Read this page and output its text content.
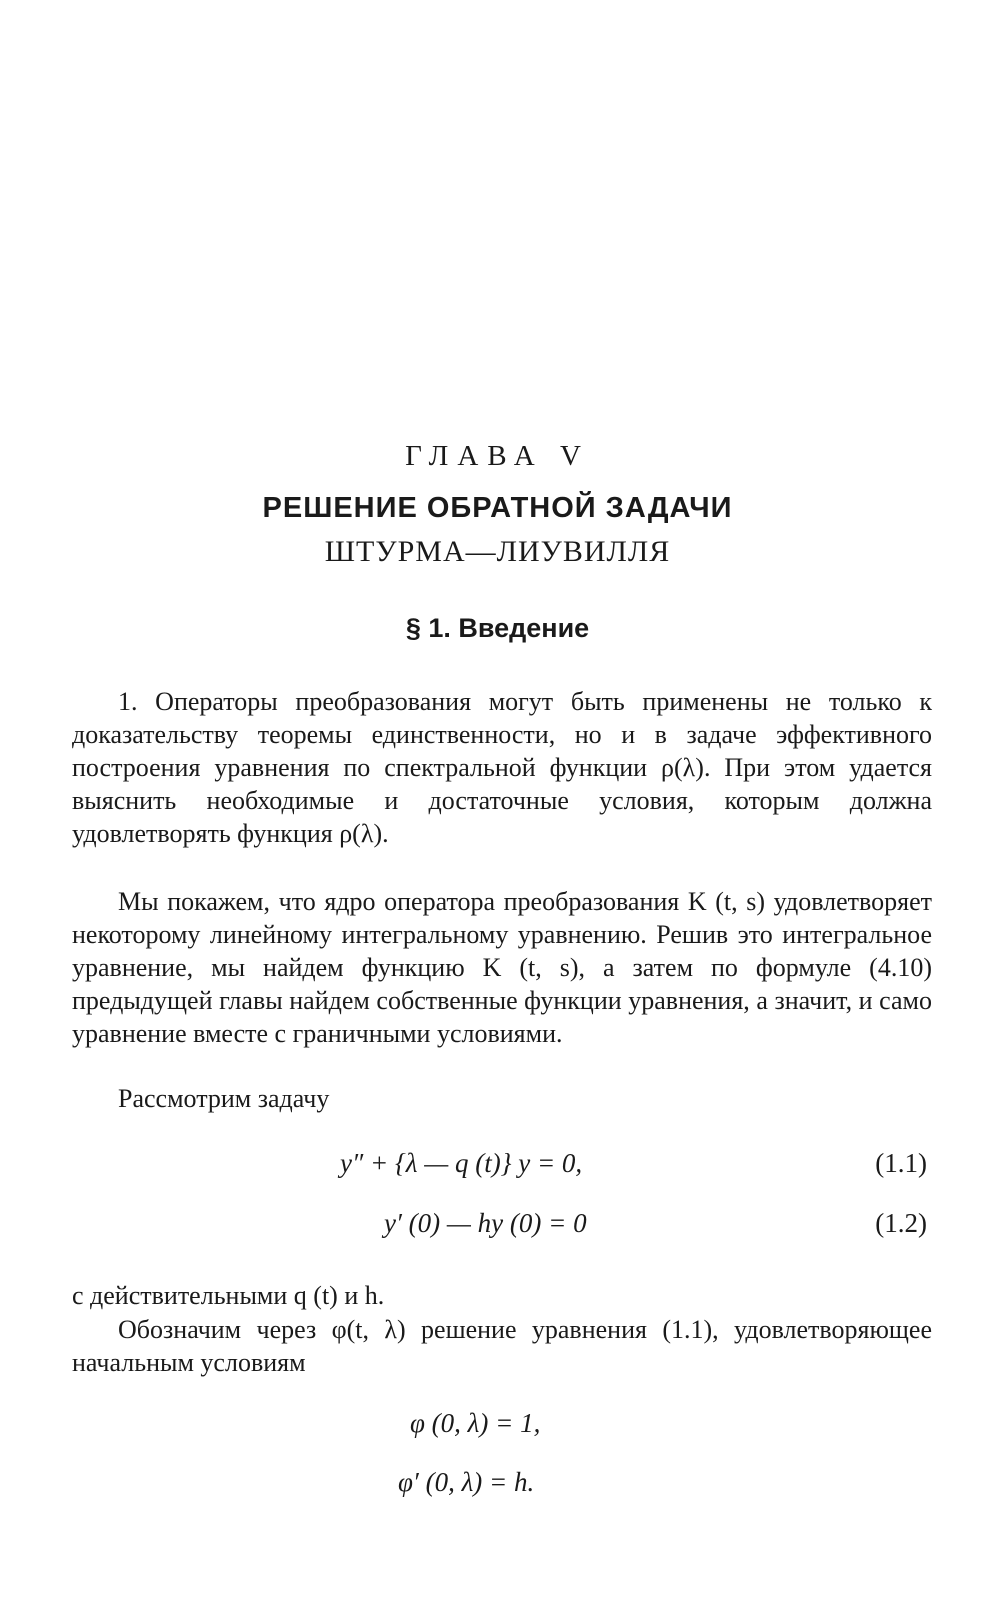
ГЛАВА V
РЕШЕНИЕ ОБРАТНОЙ ЗАДАЧИ
ШТУРМА—ЛИУВИЛЛЯ
§ 1. Введение
1. Операторы преобразования могут быть применены не только к доказательству теоремы единственности, но и в задаче эффективного построения уравнения по спектральной функции ρ(λ). При этом удается выяснить необходимые и достаточные условия, которым должна удовлетворять функция ρ(λ).
Мы покажем, что ядро оператора преобразования K (t, s) удовлетворяет некоторому линейному интегральному уравнению. Решив это интегральное уравнение, мы найдем функцию K (t, s), а затем по формуле (4.10) предыдущей главы найдем собственные функции уравнения, а значит, и само уравнение вместе с граничными условиями.
Рассмотрим задачу
y″ + {λ — q (t)} y = 0,	(1.1)
y′ (0) — hy (0) = 0	(1.2)
с действительными q (t) и h.
Обозначим через φ(t, λ) решение уравнения (1.1), удовлетворяющее начальным условиям
φ (0, λ) = 1,
φ′ (0, λ) = h.
